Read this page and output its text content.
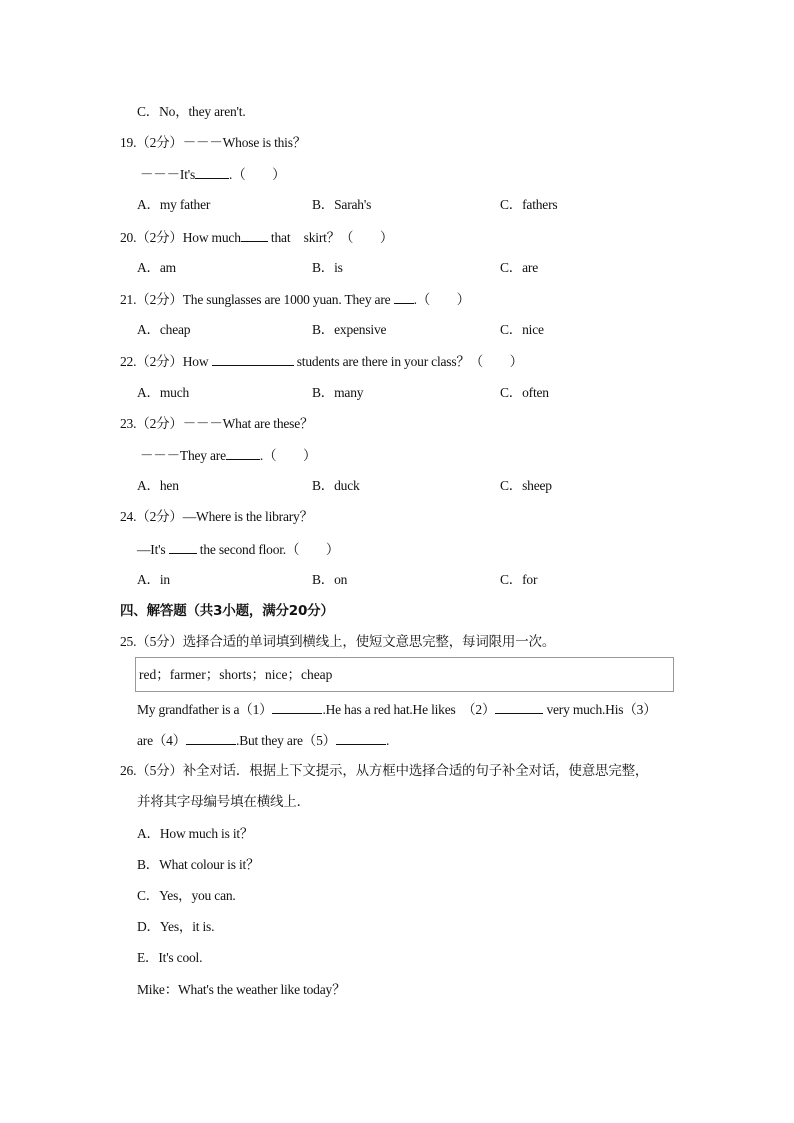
C．No，they aren't.
19.（2分）－－－Whose is this？
－－－It's	.（　　）
A．my father	B．Sarah's	C．fathers
20.（2分）How much that　skirt？（　　）
A．am	B．is	C．are
21.（2分）The sunglasses are 1000 yuan. They are .（　　）
A．cheap	B．expensive	C．nice
22.（2分）How	students are there in your class？（　　）
A．much	B．many	C．often
23.（2分）－－－What are these？
－－－They are	.（　　）
A．hen	B．duck	C．sheep
24.（2分）—Where is the library？
—It's  the second floor.（　　）
A．in	B．on	C．for
四、解答题（共3小题，满分20分）
25.（5分）选择合适的单词填到横线上，使短文意思完整，每词限用一次。
red；farmer；shorts；nice；cheap
My grandfather is a（1）	.He has a red hat.He likes　（2）	very much.His（3）
are（4）	.But they are（5）	.
26.（5分）补全对话．根据上下文提示，从方框中选择合适的句子补全对话，使意思完整，
并将其字母编号填在横线上．
A．How much is it？
B．What colour is it？
C．Yes，you can.
D．Yes，it is.
E．It's cool.
Mike：What's the weather like today？
